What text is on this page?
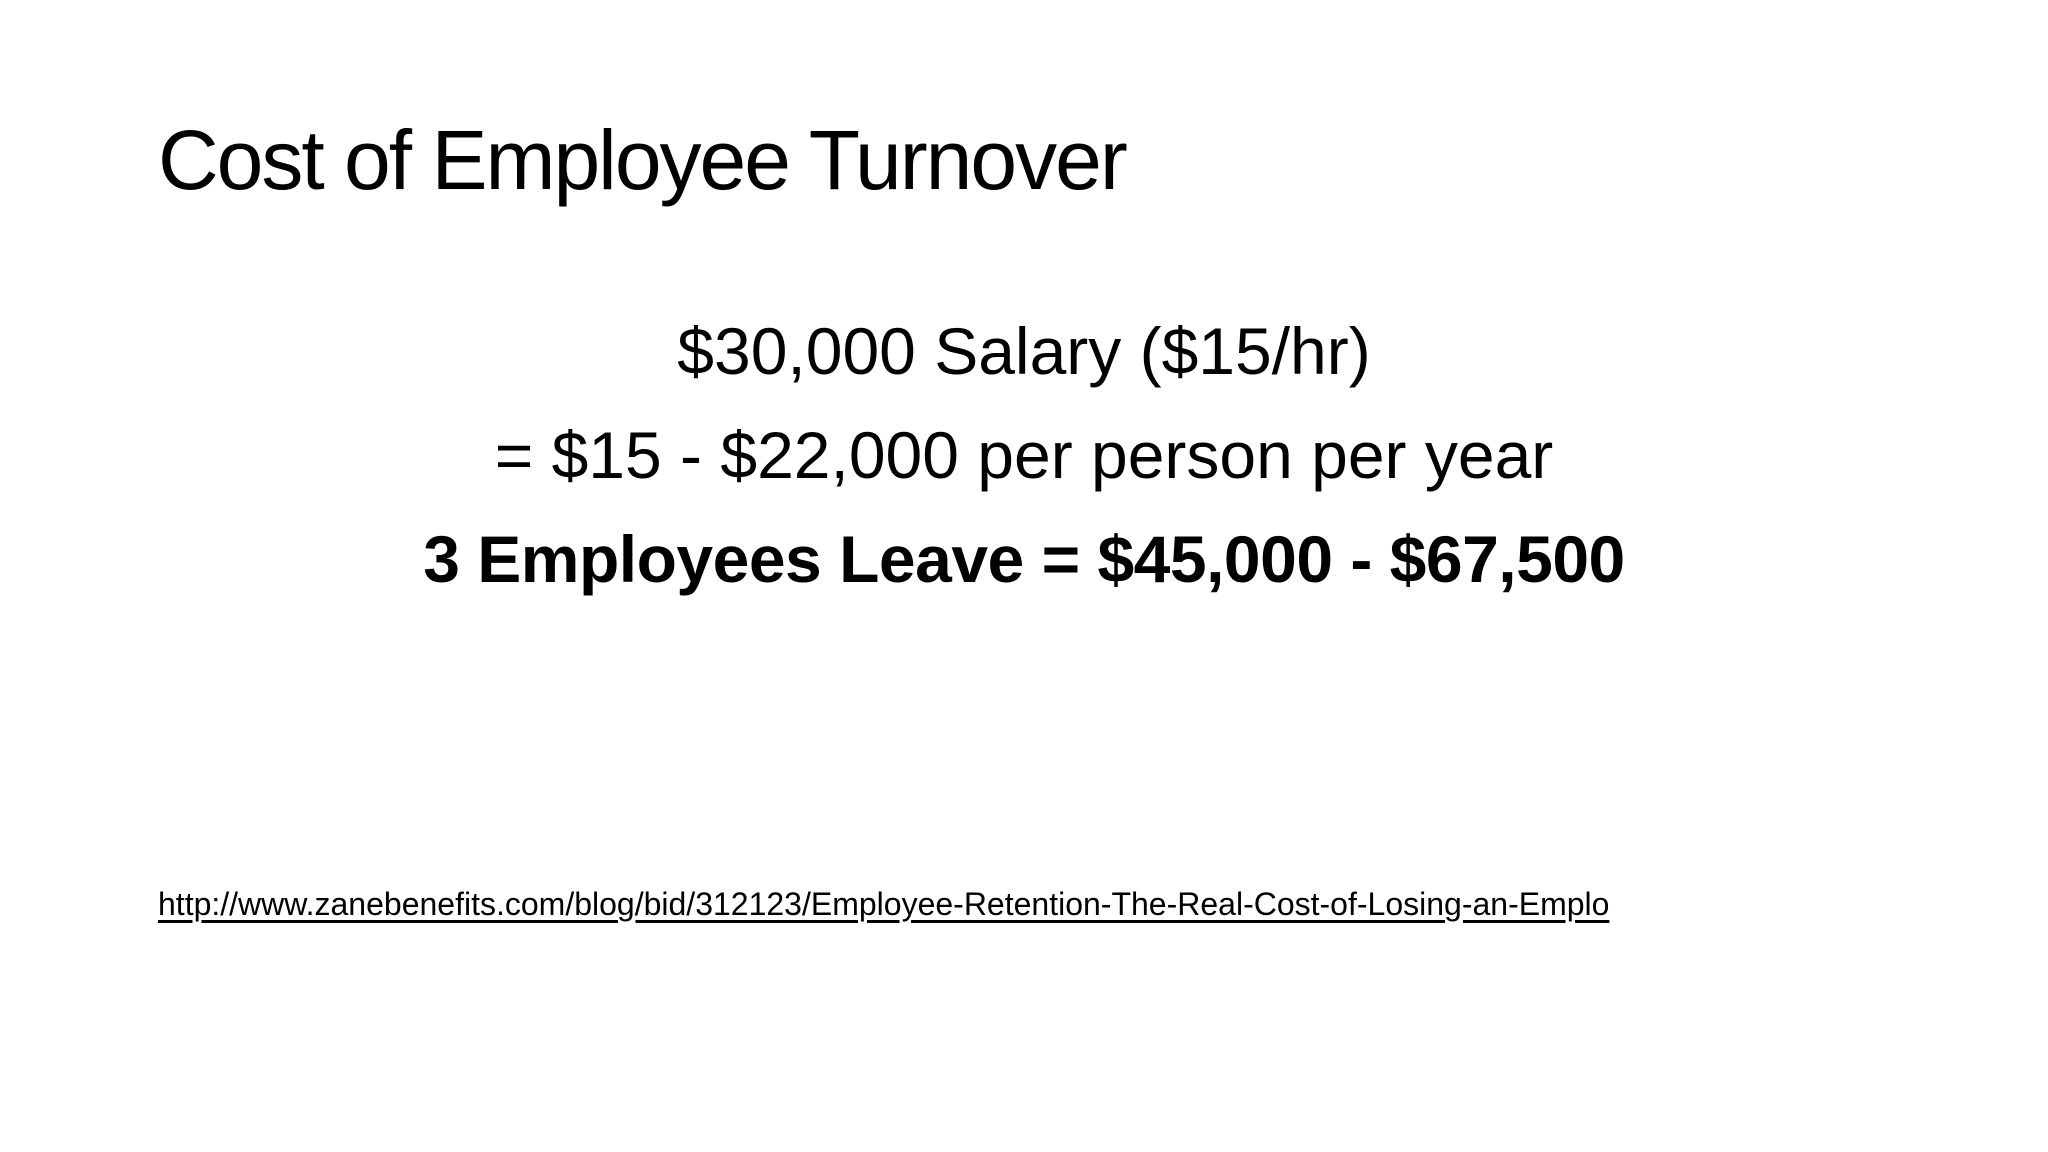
Cost of Employee Turnover
$30,000 Salary ($15/hr)
= $15 - $22,000 per person per year
3 Employees Leave = $45,000 - $67,500
http://www.zanebenefits.com/blog/bid/312123/Employee-Retention-The-Real-Cost-of-Losing-an-Emplo
